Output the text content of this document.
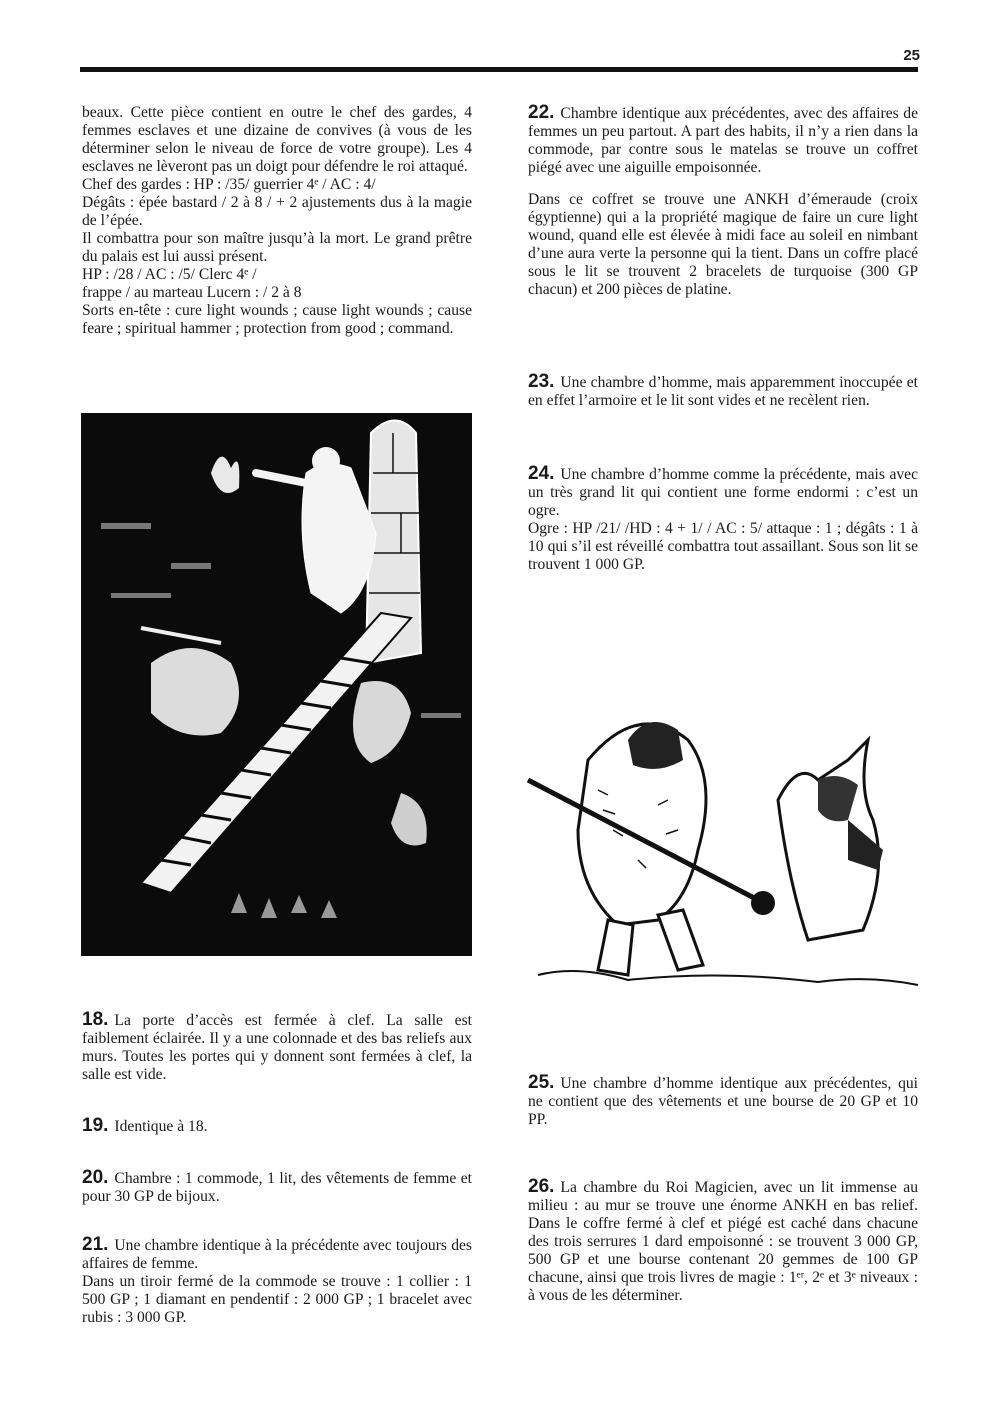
25

beaux. Cette pièce contient en outre le chef des gardes, 4 femmes esclaves et une dizaine de convives (à vous de les déterminer selon le niveau de force de votre groupe). Les 4 esclaves ne lèveront pas un doigt pour défendre le roi attaqué.

Chef des gardes : HP : /35/ guerrier 4ᵉ / AC : 4/

Dégâts : épée bastard / 2 à 8 / + 2 ajustements dus à la magie de l’épée.

Il combattra pour son maître jusqu’à la mort. Le grand prêtre du palais est lui aussi présent.

HP : /28 / AC : /5/ Clerc 4ᵉ /

frappe / au marteau Lucern : / 2 à 8

Sorts en-tête : cure light wounds ; cause light wounds ; cause feare ; spiritual hammer ; protection from good ; command.

22. Chambre identique aux précédentes, avec des affaires de femmes un peu partout. A part des habits, il n’y a rien dans la commode, par contre sous le matelas se trouve un coffret piégé avec une aiguille empoisonnée.

Dans ce coffret se trouve une ANKH d’émeraude (croix égyptienne) qui a la propriété magique de faire un cure light wound, quand elle est élevée à midi face au soleil en nimbant d’une aura verte la personne qui la tient. Dans un coffre placé sous le lit se trouvent 2 bracelets de turquoise (300 GP chacun) et 200 pièces de platine.

23. Une chambre d’homme, mais apparemment inoccupée et en effet l’armoire et le lit sont vides et ne recèlent rien.

24. Une chambre d’homme comme la précédente, mais avec un très grand lit qui contient une forme endormi : c’est un ogre.

Ogre : HP /21/ /HD : 4 + 1/ / AC : 5/ attaque : 1 ; dégâts : 1 à 10 qui s’il est réveillé combattra tout assaillant. Sous son lit se trouvent 1 000 GP.

25. Une chambre d’homme identique aux précédentes, qui ne contient que des vêtements et une bourse de 20 GP et 10 PP.

26. La chambre du Roi Magicien, avec un lit immense au milieu : au mur se trouve une énorme ANKH en bas relief. Dans le coffre fermé à clef et piégé est caché dans chacune des trois serrures 1 dard empoisonné : se trouvent 3 000 GP, 500 GP et une bourse contenant 20 gemmes de 100 GP chacune, ainsi que trois livres de magie : 1ᵉʳ, 2ᵉ et 3ᵉ niveaux : à vous de les déterminer.

18. La porte d’accès est fermée à clef. La salle est faiblement éclairée. Il y a une colonnade et des bas reliefs aux murs. Toutes les portes qui y donnent sont fermées à clef, la salle est vide.

19. Identique à 18.

20. Chambre : 1 commode, 1 lit, des vêtements de femme et pour 30 GP de bijoux.

21. Une chambre identique à la précédente avec toujours des affaires de femme.

Dans un tiroir fermé de la commode se trouve : 1 collier : 1 500 GP ; 1 diamant en pendentif : 2 000 GP ; 1 bracelet avec rubis : 3 000 GP.
